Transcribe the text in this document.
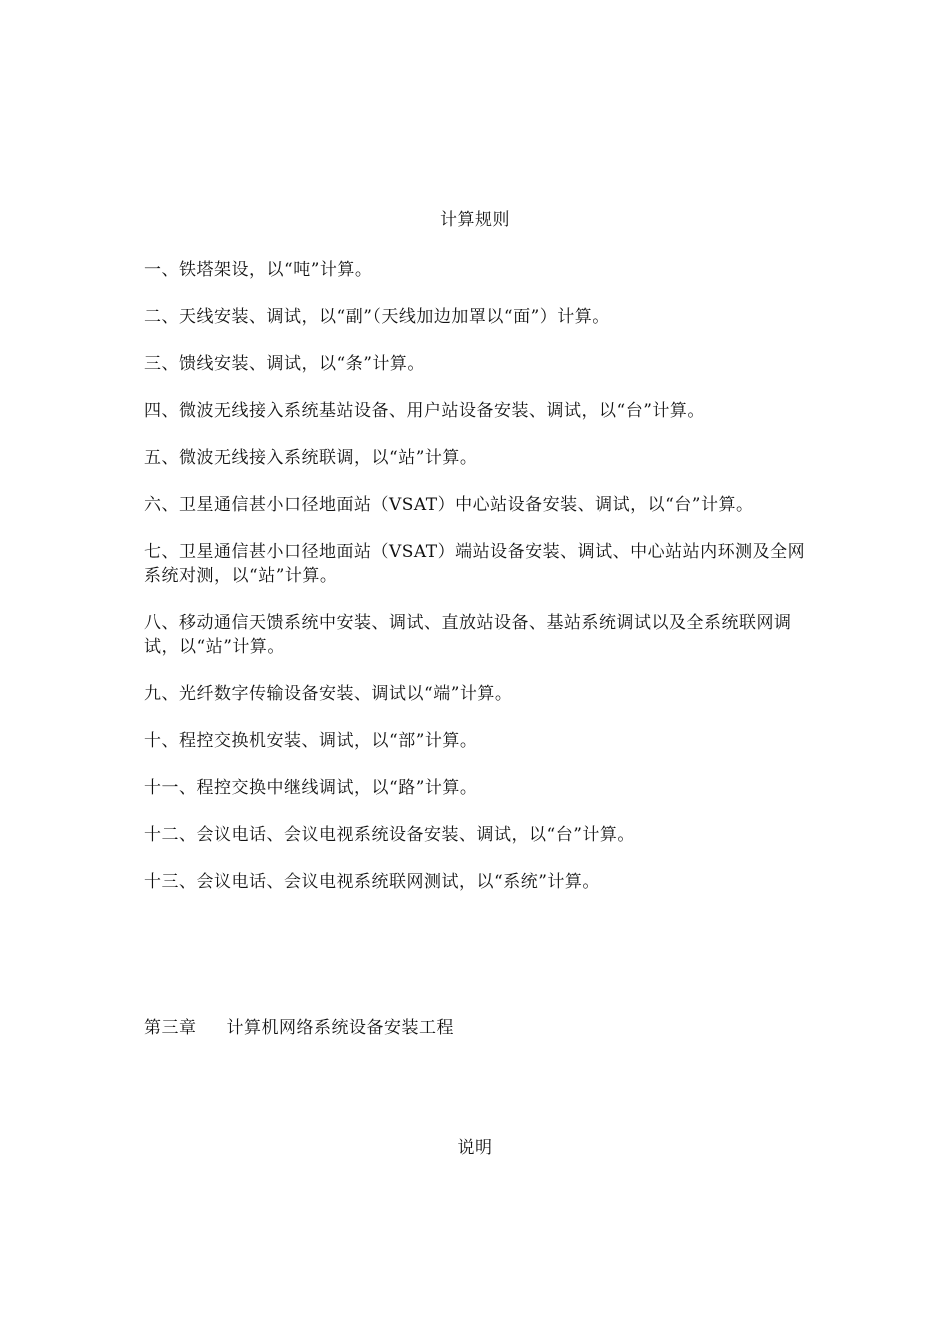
计算规则

一、铁塔架设，以“吨”计算。

二、天线安装、调试，以“副”（天线加边加罩以“面”）计算。

三、馈线安装、调试，以“条”计算。

四、微波无线接入系统基站设备、用户站设备安装、调试，以“台”计算。

五、微波无线接入系统联调，以“站”计算。

六、卫星通信甚小口径地面站（VSAT）中心站设备安装、调试，以“台”计算。

七、卫星通信甚小口径地面站（VSAT）端站设备安装、调试、中心站站内环测及全网系统对测，以“站”计算。

八、移动通信天馈系统中安装、调试、直放站设备、基站系统调试以及全系统联网调试，以“站”计算。

九、光纤数字传输设备安装、调试以“端”计算。

十、程控交换机安装、调试，以“部”计算。

十一、程控交换中继线调试，以“路”计算。

十二、会议电话、会议电视系统设备安装、调试，以“台”计算。

十三、会议电话、会议电视系统联网测试，以“系统”计算。

第三章 计算机网络系统设备安装工程
说明
